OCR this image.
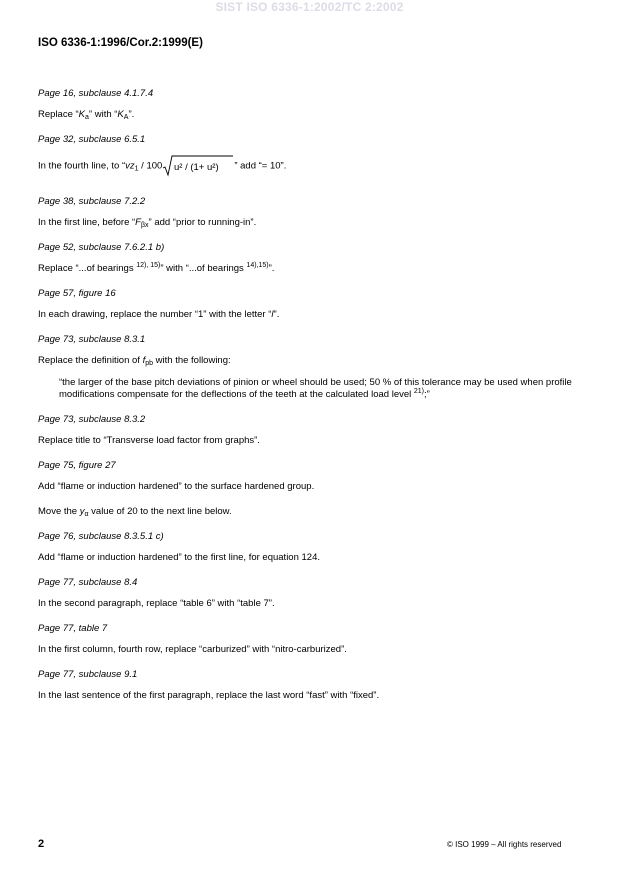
SIST ISO 6336-1:2002/TC 2:2002
ISO 6336-1:1996/Cor.2:1999(E)

Page 16, subclause 4.1.7.4

Replace “$K_a$” with “$K_A$”.

Page 32, subclause 6.5.1

In the fourth line, to “$vz_1 / 100$ u² / (1+ u²) ” add “= 10”.

Page 38, subclause 7.2.2

In the first line, before “$F_{\beta x}$” add “prior to running-in”.

Page 52, subclause 7.6.2.1 b)

Replace “...of bearings $^{12), 15)}$” with “...of bearings $^{14),15)}$”.

Page 57, figure 16

In each drawing, replace the number “1” with the letter “l”.

Page 73, subclause 8.3.1

Replace the definition of $f_{pb}$ with the following:

“the larger of the base pitch deviations of pinion or wheel should be used; 50 % of this tolerance may be used when profile modifications compensate for the deflections of the teeth at the calculated load level $^{21)}$;”

Page 73, subclause 8.3.2

Replace title to “Transverse load factor from graphs”.

Page 75, figure 27

Add “flame or induction hardened” to the surface hardened group.

Move the $y_\alpha$ value of 20 to the next line below.

Page 76, subclause 8.3.5.1 c)

Add “flame or induction hardened” to the first line, for equation 124.

Page 77, subclause 8.4

In the second paragraph, replace “table 6” with “table 7”.

Page 77, table 7

In the first column, fourth row, replace “carburized” with “nitro-carburized”.

Page 77, subclause 9.1

In the last sentence of the first paragraph, replace the last word “fast” with “fixed”.

2	© ISO 1999 – All rights reserved
